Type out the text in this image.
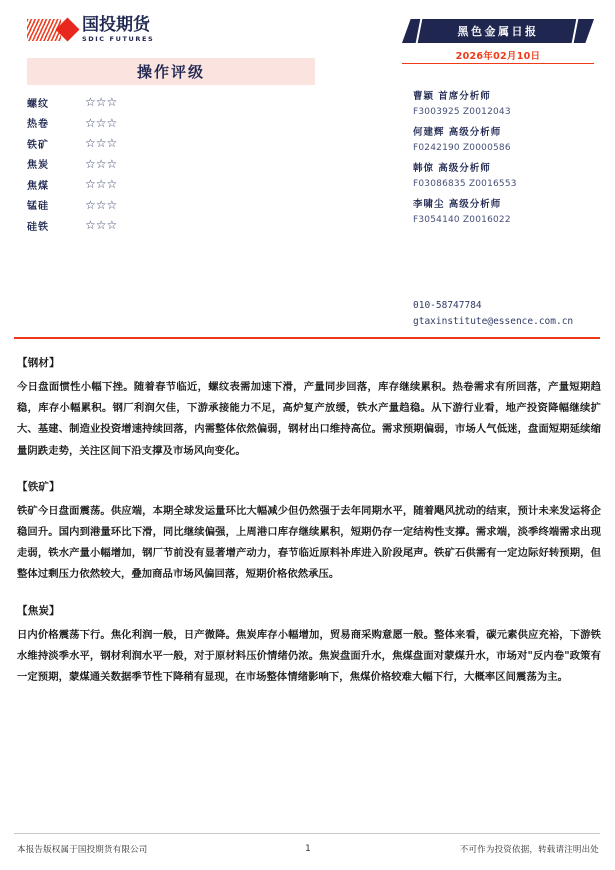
国投期货
SDIC FUTURES
操作评级
螺纹	☆☆☆
热卷	☆☆☆
铁矿	☆☆☆
焦炭	☆☆☆
焦煤	☆☆☆
锰硅	☆☆☆
硅铁	☆☆☆
黑色金属日报
2026年02月10日
曹颖 首席分析师
F3003925 Z0012043
何建辉 高级分析师
F0242190 Z0000586
韩倞 高级分析师
F03086835 Z0016553
李啸尘 高级分析师
F3054140 Z0016022
010-58747784
gtaxinstitute@essence.com.cn
【钢材】
今日盘面惯性小幅下挫。随着春节临近，螺纹表需加速下滑，产量同步回落，库存继续累积。热卷需求有所回落，产量短期趋稳，库存小幅累积。钢厂利润欠佳，下游承接能力不足，高炉复产放缓，铁水产量趋稳。从下游行业看，地产投资降幅继续扩大、基建、制造业投资增速持续回落，内需整体依然偏弱，钢材出口维持高位。需求预期偏弱，市场人气低迷，盘面短期延续缩量阴跌走势，关注区间下沿支撑及市场风向变化。
【铁矿】
铁矿今日盘面震荡。供应端，本期全球发运量环比大幅减少但仍然强于去年同期水平，随着飓风扰动的结束，预计未来发运将企稳回升。国内到港量环比下滑，同比继续偏强，上周港口库存继续累积，短期仍存一定结构性支撑。需求端，淡季终端需求出现走弱，铁水产量小幅增加，钢厂节前没有显著增产动力，春节临近原料补库进入阶段尾声。铁矿石供需有一定边际好转预期，但整体过剩压力依然较大，叠加商品市场风偏回落，短期价格依然承压。
【焦炭】
日内价格震荡下行。焦化利润一般，日产微降。焦炭库存小幅增加，贸易商采购意愿一般。整体来看，碳元素供应充裕，下游铁水维持淡季水平，钢材利润水平一般，对于原材料压价情绪仍浓。焦炭盘面升水，焦煤盘面对蒙煤升水，市场对"反内卷"政策有一定预期，蒙煤通关数据季节性下降稍有显现，在市场整体情绪影响下，焦煤价格较难大幅下行，大概率区间震荡为主。
本报告版权属于国投期货有限公司	1	不可作为投资依据，转载请注明出处
